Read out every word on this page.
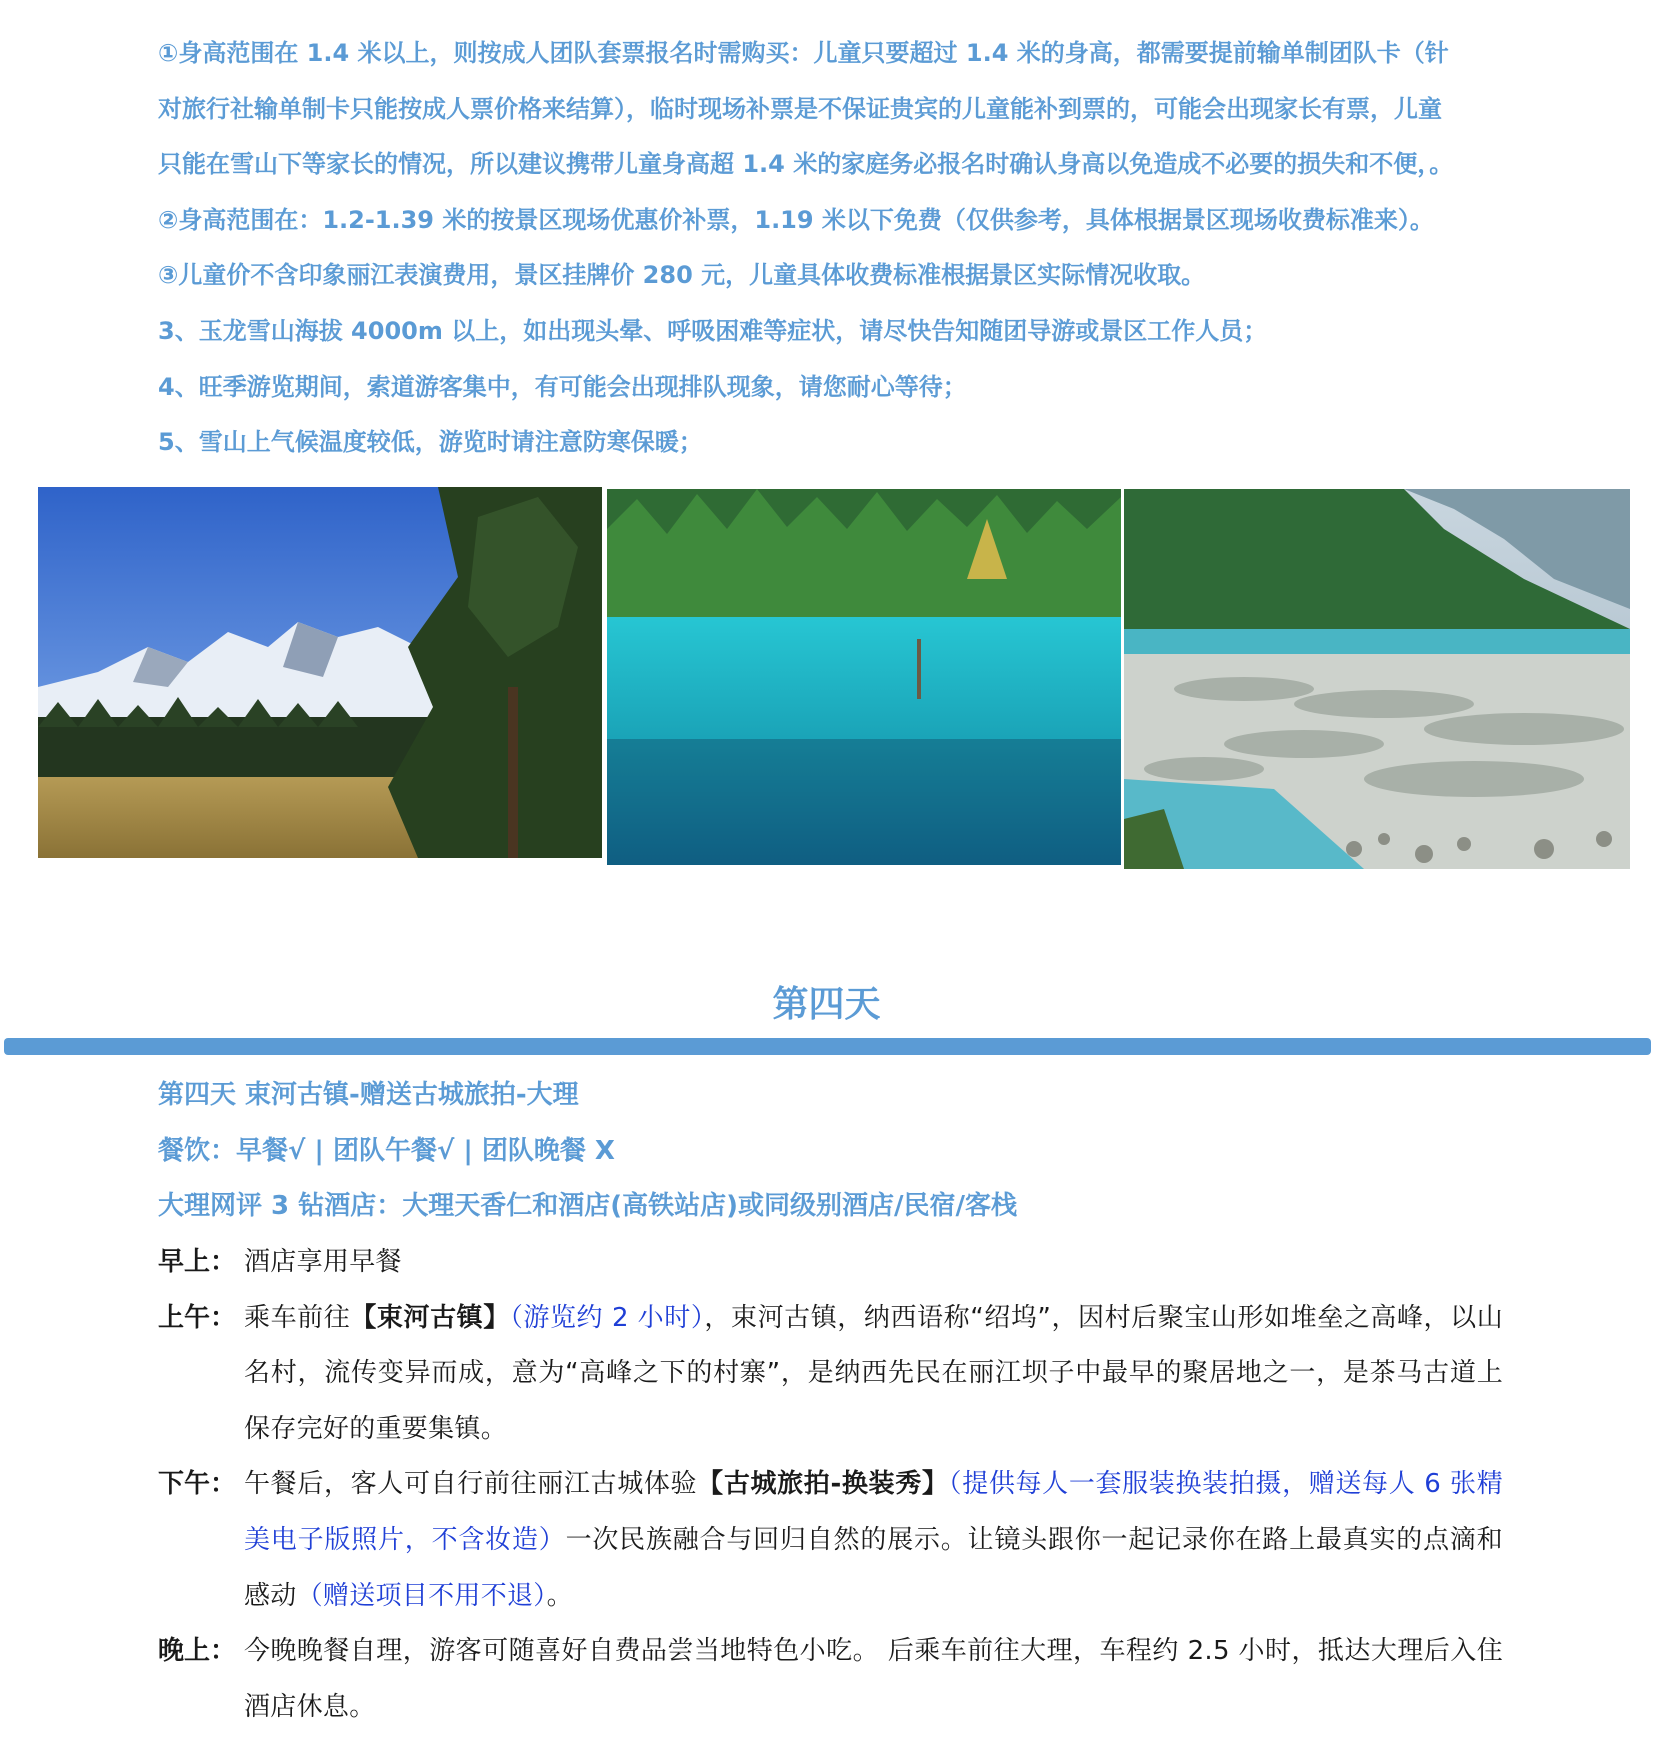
①身高范围在 1.4 米以上，则按成人团队套票报名时需购买：儿童只要超过 1.4 米的身高，都需要提前输单制团队卡（针

对旅行社输单制卡只能按成人票价格来结算），临时现场补票是不保证贵宾的儿童能补到票的，可能会出现家长有票，儿童

只能在雪山下等家长的情况，所以建议携带儿童身高超 1.4 米的家庭务必报名时确认身高以免造成不必要的损失和不便，。

②身高范围在：1.2-1.39 米的按景区现场优惠价补票，1.19 米以下免费（仅供参考，具体根据景区现场收费标准来）。

③儿童价不含印象丽江表演费用，景区挂牌价 280 元，儿童具体收费标准根据景区实际情况收取。

3、玉龙雪山海拔 4000m 以上，如出现头晕、呼吸困难等症状，请尽快告知随团导游或景区工作人员；

4、旺季游览期间，索道游客集中，有可能会出现排队现象，请您耐心等待；

5、雪山上气候温度较低，游览时请注意防寒保暖；

第四天

第四天 束河古镇-赠送古城旅拍-大理

餐饮：早餐√ | 团队午餐√ | 团队晚餐 X

大理网评 3 钻酒店：大理天香仁和酒店(高铁站店)或同级别酒店/民宿/客栈

早上： 酒店享用早餐
上午： 乘车前往【束河古镇】（游览约 2 小时），束河古镇，纳西语称“绍坞”，因村后聚宝山形如堆垒之高峰，以山名村，流传变异而成，意为“高峰之下的村寨”，是纳西先民在丽江坝子中最早的聚居地之一，是茶马古道上保存完好的重要集镇。
下午： 午餐后，客人可自行前往丽江古城体验【古城旅拍-换装秀】（提供每人一套服装换装拍摄，赠送每人 6 张精美电子版照片，不含妆造）一次民族融合与回归自然的展示。让镜头跟你一起记录你在路上最真实的点滴和感动（赠送项目不用不退）。
晚上： 今晚晚餐自理，游客可随喜好自费品尝当地特色小吃。 后乘车前往大理，车程约 2.5 小时，抵达大理后入住酒店休息。
